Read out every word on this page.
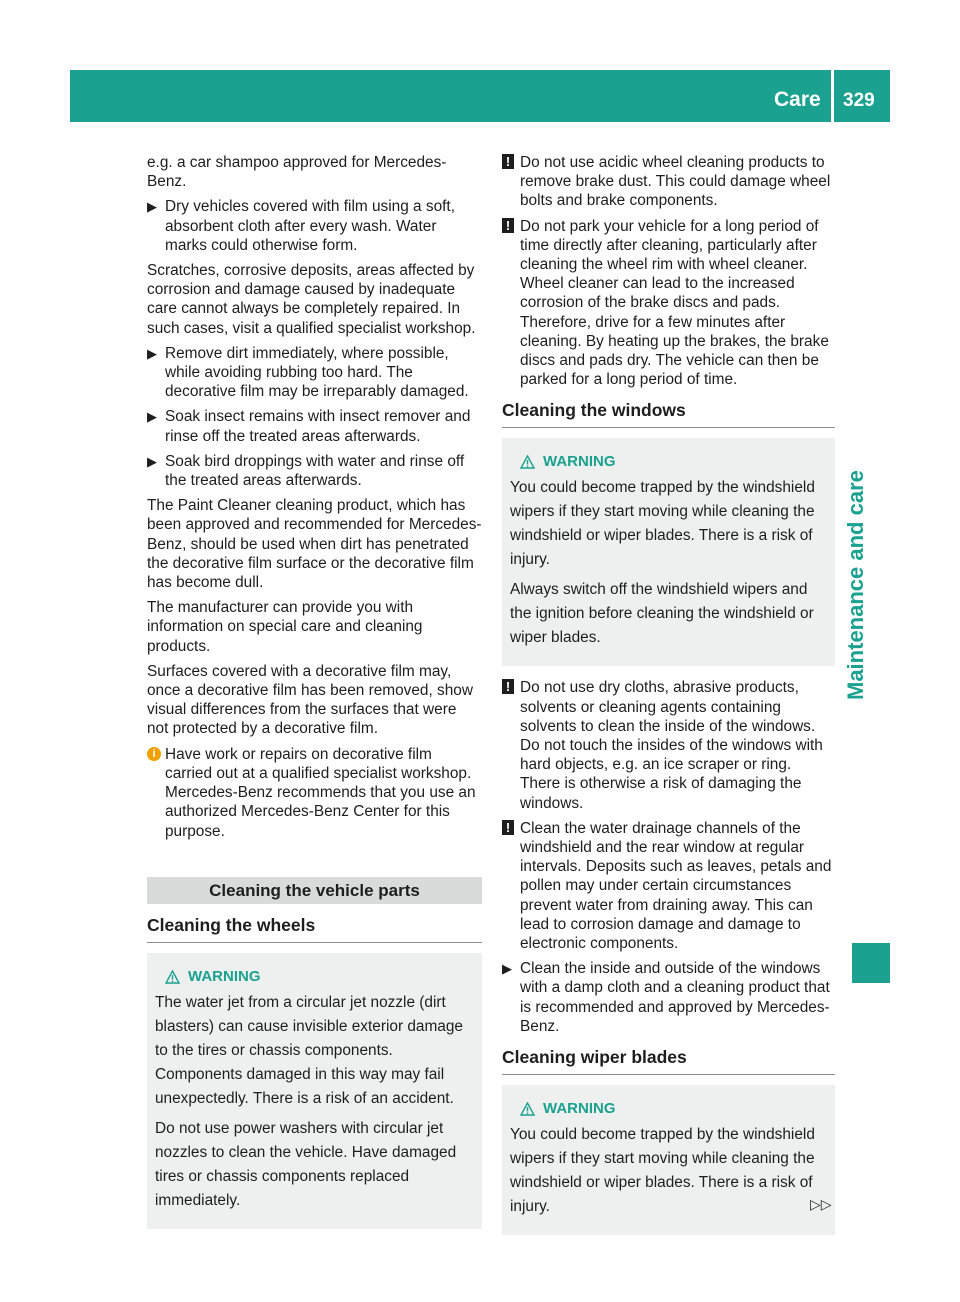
Care 329
Maintenance and care

e.g. a car shampoo approved for Mercedes-Benz.

▶ Dry vehicles covered with film using a soft, absorbent cloth after every wash. Water marks could otherwise form.

Scratches, corrosive deposits, areas affected by corrosion and damage caused by inadequate care cannot always be completely repaired. In such cases, visit a qualified specialist workshop.

▶ Remove dirt immediately, where possible, while avoiding rubbing too hard. The decorative film may be irreparably damaged.
▶ Soak insect remains with insect remover and rinse off the treated areas afterwards.
▶ Soak bird droppings with water and rinse off the treated areas afterwards.

The Paint Cleaner cleaning product, which has been approved and recommended for Mercedes-Benz, should be used when dirt has penetrated the decorative film surface or the decorative film has become dull.

The manufacturer can provide you with information on special care and cleaning products.

Surfaces covered with a decorative film may, once a decorative film has been removed, show visual differences from the surfaces that were not protected by a decorative film.

i Have work or repairs on decorative film carried out at a qualified specialist workshop. Mercedes-Benz recommends that you use an authorized Mercedes-Benz Center for this purpose.
Cleaning the vehicle parts
Cleaning the wheels
WARNING

The water jet from a circular jet nozzle (dirt blasters) can cause invisible exterior damage to the tires or chassis components. Components damaged in this way may fail unexpectedly. There is a risk of an accident.

Do not use power washers with circular jet nozzles to clean the vehicle. Have damaged tires or chassis components replaced immediately.

! Do not use acidic wheel cleaning products to remove brake dust. This could damage wheel bolts and brake components.
! Do not park your vehicle for a long period of time directly after cleaning, particularly after cleaning the wheel rim with wheel cleaner. Wheel cleaner can lead to the increased corrosion of the brake discs and pads. Therefore, drive for a few minutes after cleaning. By heating up the brakes, the brake discs and pads dry. The vehicle can then be parked for a long period of time.
Cleaning the windows
WARNING

You could become trapped by the windshield wipers if they start moving while cleaning the windshield or wiper blades. There is a risk of injury.

Always switch off the windshield wipers and the ignition before cleaning the windshield or wiper blades.

! Do not use dry cloths, abrasive products, solvents or cleaning agents containing solvents to clean the inside of the windows. Do not touch the insides of the windows with hard objects, e.g. an ice scraper or ring. There is otherwise a risk of damaging the windows.
! Clean the water drainage channels of the windshield and the rear window at regular intervals. Deposits such as leaves, petals and pollen may under certain circumstances prevent water from draining away. This can lead to corrosion damage and damage to electronic components.
▶ Clean the inside and outside of the windows with a damp cloth and a cleaning product that is recommended and approved by Mercedes-Benz.
Cleaning wiper blades
WARNING

You could become trapped by the windshield wipers if they start moving while cleaning the windshield or wiper blades. There is a risk of injury.	▷▷
